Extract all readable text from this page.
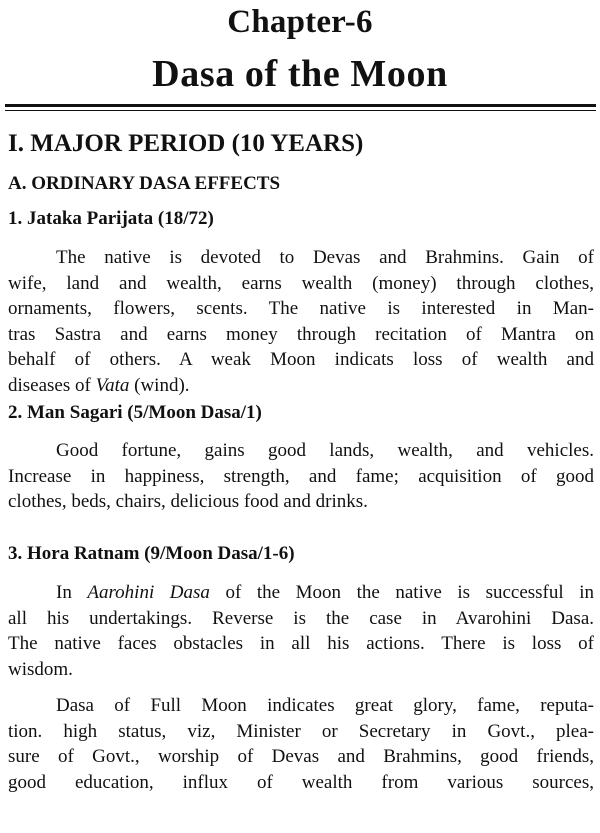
Chapter-6
Dasa of the Moon
I. MAJOR PERIOD (10 YEARS)
A. ORDINARY DASA EFFECTS
1. Jataka Parijata (18/72)
The native is devoted to Devas and Brahmins. Gain of
wife, land and wealth, earns wealth (money) through clothes,
ornaments, flowers, scents. The native is interested in Man-
tras Sastra and earns money through recitation of Mantra on
behalf of others. A weak Moon indicats loss of wealth and
diseases of Vata (wind).
2. Man Sagari (5/Moon Dasa/1)
Good fortune, gains good lands, wealth, and vehicles.
Increase in happiness, strength, and fame; acquisition of good
clothes, beds, chairs, delicious food and drinks.
3. Hora Ratnam (9/Moon Dasa/1-6)
In Aarohini Dasa of the Moon the native is successful in
all his undertakings. Reverse is the case in Avarohini Dasa.
The native faces obstacles in all his actions. There is loss of
wisdom.
Dasa of Full Moon indicates great glory, fame, reputa-
tion. high status, viz, Minister or Secretary in Govt., plea-
sure of Govt., worship of Devas and Brahmins, good friends,
good education, influx of wealth from various sources,
